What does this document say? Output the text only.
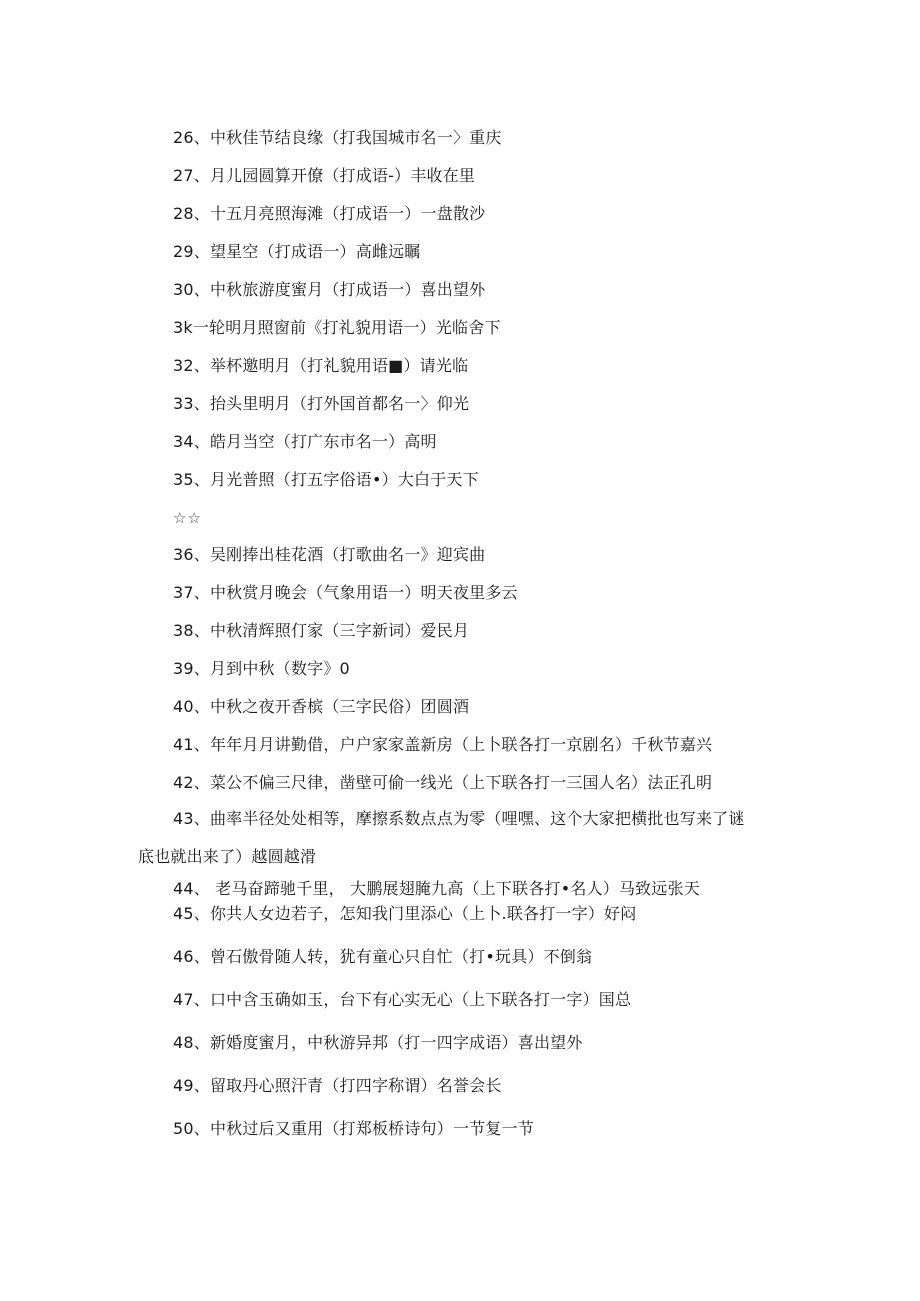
26、中秋佳节结良缘（打我国城市名一〉重庆
27、月儿园圆算开僚（打成语-）丰收在里
28、十五月亮照海滩（打成语一）一盘散沙
29、望星空（打成语一）高雌远瞩
30、中秋旅游度蜜月（打成语一）喜出望外
3k一轮明月照窗前《打礼貌用语一）光临舍下
32、举杯邀明月（打礼貌用语■）请光临
33、抬头里明月（打外国首都名一〉仰光
34、皓月当空（打广东市名一）高明
35、月光普照（打五字俗语•）大白于天下
☆☆
36、吴刚捧出桂花酒（打歌曲名一》迎宾曲
37、中秋赏月晚会（气象用语一）明天夜里多云
38、中秋清辉照仃家（三字新词）爱民月
39、月到中秋（数字》0
40、中秋之夜开香槟（三字民俗）团圆酒
41、年年月月讲勤借，户户家家盖新房（上卜联各打一京剧名）千秋节嘉兴
42、菜公不偏三尺律，凿壁可偷一线光（上下联各打一三国人名）法正孔明
43、曲率半径处处相等，摩擦系数点点为零（哩嘿、这个大家把横批也写来了谜
底也就出来了）越圆越滑
44、 老马奋蹄驰千里， 大鹏展翅腌九高（上下联各打•名人）马致远张天
45、你共人女边若子，怎知我门里添心（上卜.联各打一字）好闷
46、曾石傲骨随人转，犹有童心只自忙（打•玩具）不倒翁
47、口中含玉确如玉，台下有心实无心（上下联各打一字）国总
48、新婚度蜜月，中秋游异邦（打一四字成语）喜出望外
49、留取丹心照汗青（打四字称谓）名誉会长
50、中秋过后又重用（打郑板桥诗句）一节复一节
